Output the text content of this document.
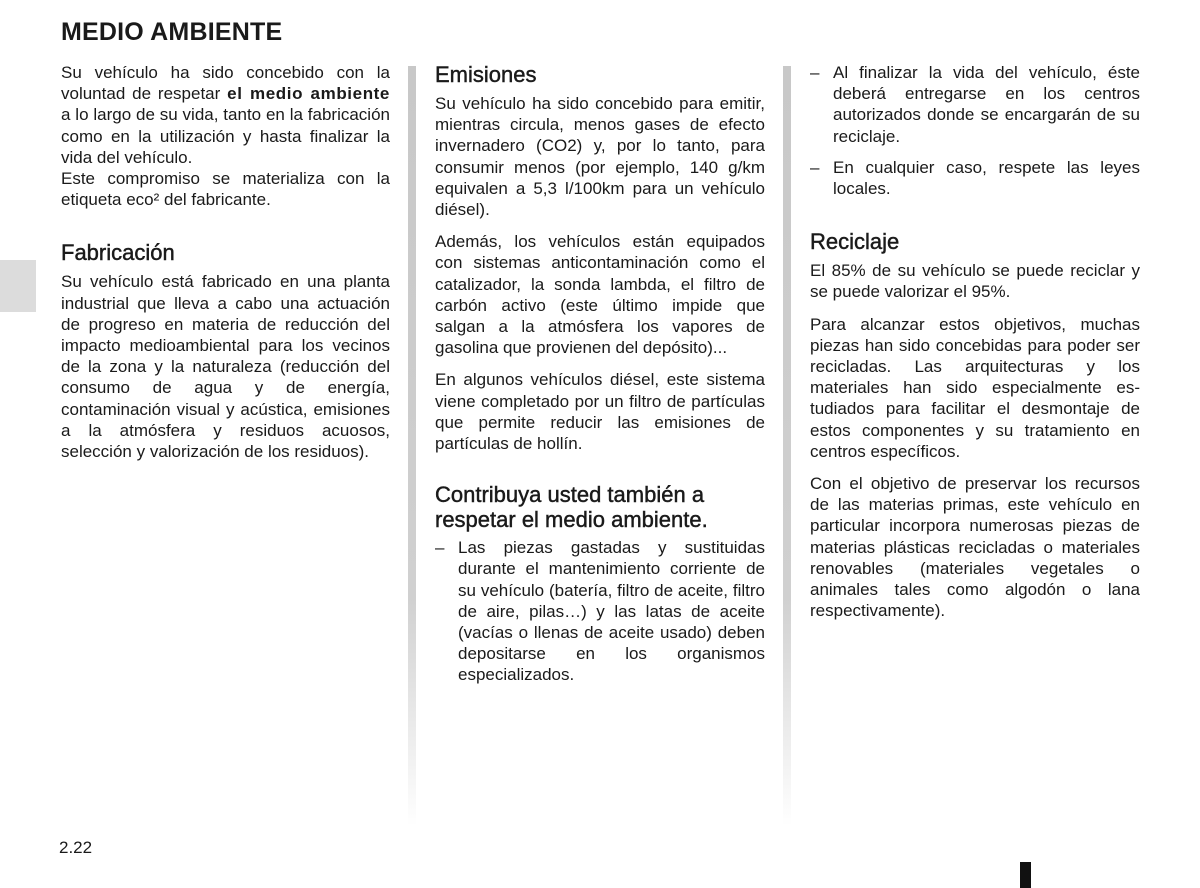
MEDIO AMBIENTE

Su vehículo ha sido concebido con la voluntad de respetar el medio ambiente a lo largo de su vida, tanto en la fabricación como en la utilización y hasta finalizar la vida del vehículo.

Este compromiso se materializa con la etiqueta eco² del fabricante.

Fabricación

Su vehículo está fabricado en una planta industrial que lleva a cabo una actuación de progreso en materia de reducción del impacto medioambiental para los vecinos de la zona y la naturaleza (reducción del consumo de agua y de energía, contaminación visual y acústica, emisiones a la atmósfera y residuos acuosos, selección y valorización de los residuos).

Emisiones

Su vehículo ha sido concebido para emitir, mientras circula, menos gases de efecto invernadero (CO2) y, por lo tanto, para consumir menos (por ejemplo, 140 g/km equivalen a 5,3 l/100km para un vehículo diésel).

Además, los vehículos están equipados con sistemas anticontaminación como el catalizador, la sonda lambda, el filtro de carbón activo (este último impide que salgan a la atmósfera los vapores de gasolina que provienen del depósito)...

En algunos vehículos diésel, este sistema viene completado por un filtro de partículas que permite reducir las emisiones de partículas de hollín.

Contribuya usted también a respetar el medio ambiente.
– Las piezas gastadas y sustituidas durante el mantenimiento corriente de su vehículo (batería, filtro de aceite, filtro de aire, pilas…) y las latas de aceite (vacías o llenas de aceite usado) deben depositarse en los organismos especializados.
– Al finalizar la vida del vehículo, éste deberá entregarse en los centros autorizados donde se encargarán de su reciclaje.
– En cualquier caso, respete las leyes locales.
Reciclaje

El 85% de su vehículo se puede reciclar y se puede valorizar el 95%.

Para alcanzar estos objetivos, muchas piezas han sido concebidas para poder ser recicladas. Las arquitecturas y los materiales han sido especialmente estudiados para facilitar el desmontaje de estos componentes y su tratamiento en centros específicos.

Con el objetivo de preservar los recursos de las materias primas, este vehículo en particular incorpora numerosas piezas de materias plásticas recicladas o materiales renovables (materiales vegetales o animales tales como algodón o lana respectivamente).

2.22
